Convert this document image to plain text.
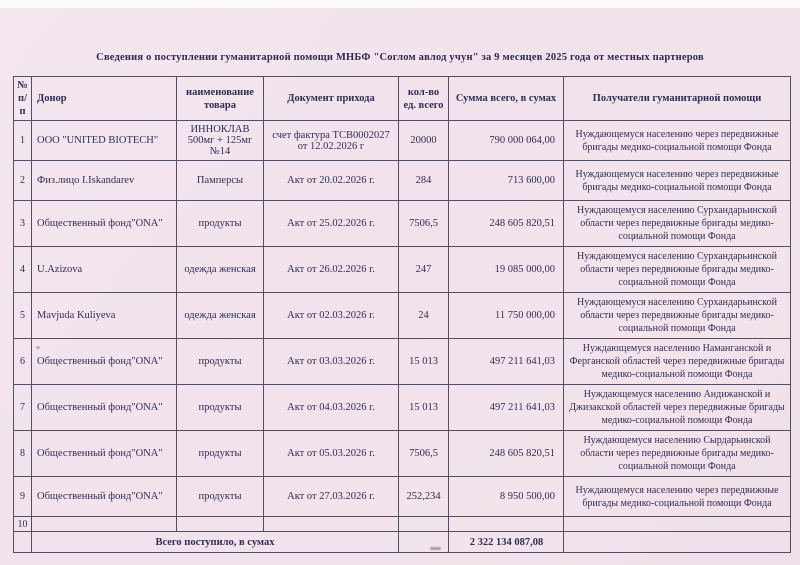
Сведения о поступлении гуманитарной помощи МНБФ "Соглом авлод учун" за 9 месяцев 2025 года от местных партнеров
№ п/п	Донор	наименование товара	Документ прихода	кол-во ед. всего	Сумма всего, в сумах	Получатели гуманитарной помощи
1	ООО "UNITED BIOTECH"	ИННОКЛАВ 500мг + 125мг №14	счет фактура ТСВ0002027 от 12.02.2026 г	20000	790 000 064,00	Нуждающемуся населению через передвижные бригады медико-социальной помощи Фонда
2	Физ.лицо I.Iskandarev	Памперсы	Акт от 20.02.2026 г.	284	713 600,00	Нуждающемуся населению через передвижные бригады медико-социальной помощи Фонда
3	Общественный фонд"ONA"	продукты	Акт от 25.02.2026 г.	7506,5	248 605 820,51	Нуждающемуся населению Сурхандарьинской области через передвижные бригады медико-социальной помощи Фонда
4	U.Azizova	одежда женская	Акт от 26.02.2026 г.	247	19 085 000,00	Нуждающемуся населению Сурхандарьинской области через передвижные бригады медико-социальной помощи Фонда
5	Mavjuda Kuliyeva	одежда женская	Акт от 02.03.2026 г.	24	11 750 000,00	Нуждающемуся населению Сурхандарьинской области через передвижные бригады медико-социальной помощи Фонда
6	Общественный фонд"ONA"	продукты	Акт от 03.03.2026 г.	15 013	497 211 641,03	Нуждающемуся населению Наманганской и Ферганской областей через передвижные бригады медико-социальной помощи Фонда
7	Общественный фонд"ONA"	продукты	Акт от 04.03.2026 г.	15 013	497 211 641,03	Нуждающемуся населению Андижанской и Джизакской областей через передвижные бригады медико-социальной помощи Фонда
8	Общественный фонд"ONA"	продукты	Акт от 05.03.2026 г.	7506,5	248 605 820,51	Нуждающемуся населению Сырдарьинской области через передвижные бригады медико-социальной помощи Фонда
9	Общественный фонд"ONA"	продукты	Акт от 27.03.2026 г.	252,234	8 950 500,00	Нуждающемуся населению через передвижные бригады медико-социальной помощи Фонда
10						
	Всего поступило, в сумах				2 322 134 087,08	
